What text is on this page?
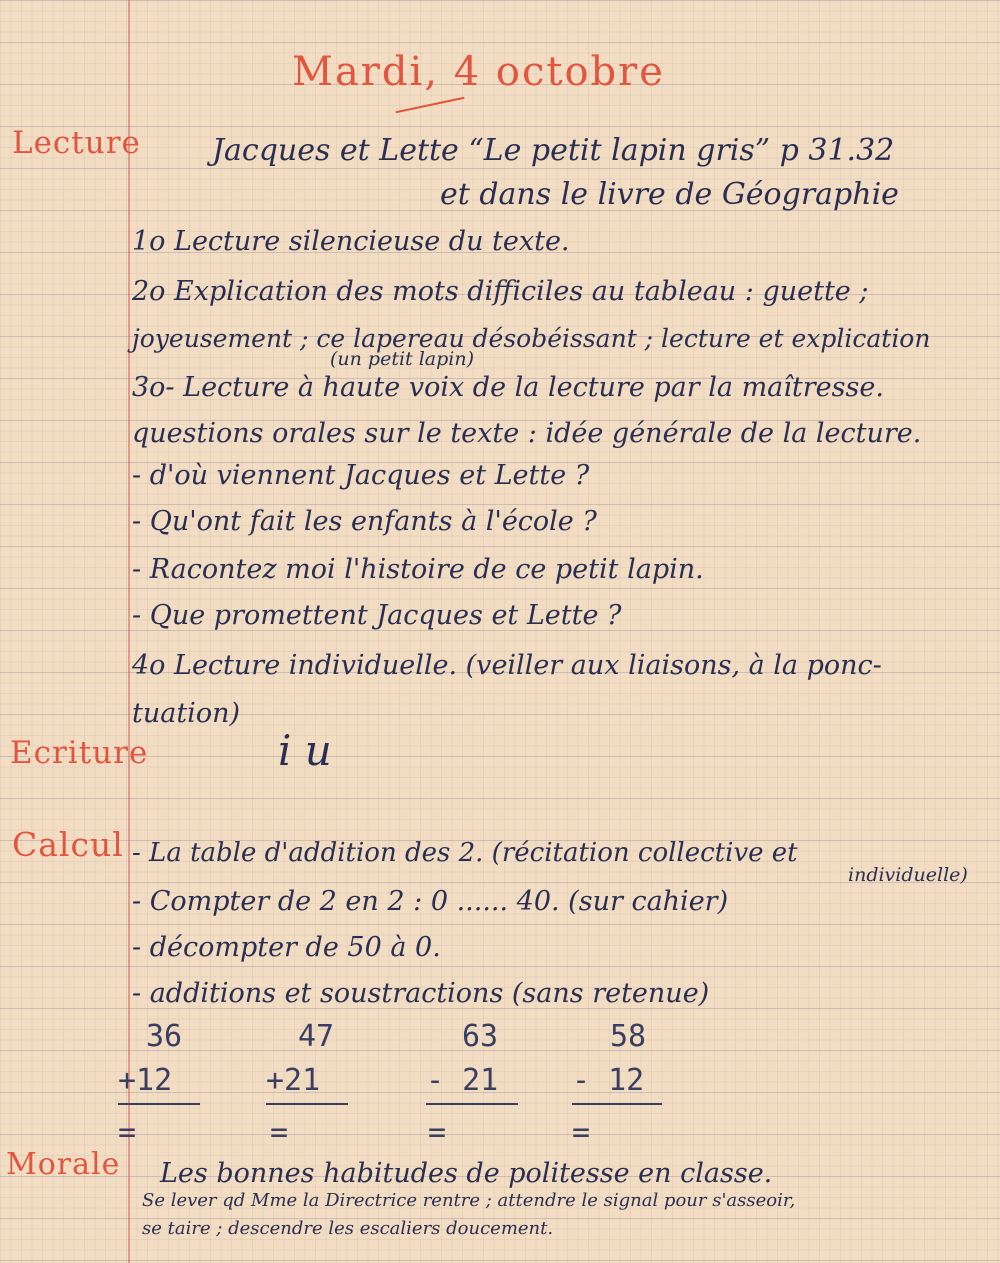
Mardi, 4 octobre
Lecture Jacques et Lette “Le petit lapin gris” p 31.32
et dans le livre de Géographie
1o Lecture silencieuse du texte.
2o Explication des mots difficiles au tableau : guette ;
joyeusement ; ce lapereau désobéissant ; lecture et explication
(un petit lapin)
3o- Lecture à haute voix de la lecture par la maîtresse.
questions orales sur le texte : idée générale de la lecture.
- d'où viennent Jacques et Lette ?
- Qu'ont fait les enfants à l'école ?
- Racontez moi l'histoire de ce petit lapin.
- Que promettent Jacques et Lette ?
4o Lecture individuelle. (veiller aux liaisons, à la ponc-
tuation)
Ecriture	i u
Calcul - La table d'addition des 2. (récitation collective et
individuelle)
- Compter de 2 en 2 : 0 ...... 40. (sur cahier)
- décompter de 50 à 0.
- additions et soustractions (sans retenue)
36
+12
=
47
+21
=
63
- 21
=
58
- 12
=
Morale Les bonnes habitudes de politesse en classe.
Se lever qd Mme la Directrice rentre ; attendre le signal pour s'asseoir,
se taire ; descendre les escaliers doucement.
